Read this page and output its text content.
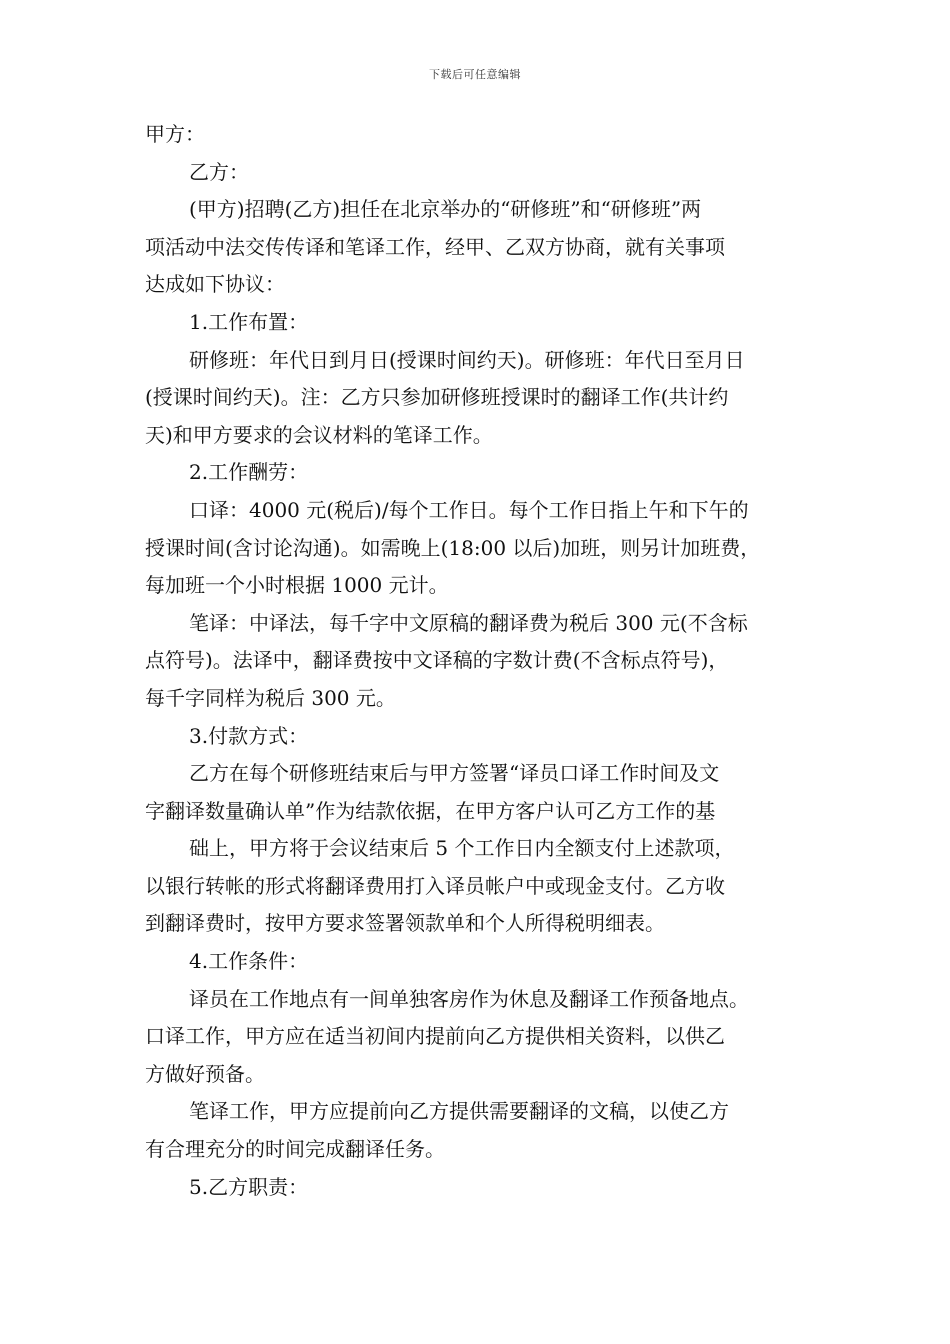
下载后可任意编辑
甲方：
乙方：
(甲方)招聘(乙方)担任在北京举办的“研修班”和“研修班”两
项活动中法交传传译和笔译工作，经甲、乙双方协商，就有关事项
达成如下协议：
1.工作布置：
研修班：年代日到月日(授课时间约天)。研修班：年代日至月日
(授课时间约天)。注：乙方只参加研修班授课时的翻译工作(共计约
天)和甲方要求的会议材料的笔译工作。
2.工作酬劳：
口译：4000 元(税后)/每个工作日。每个工作日指上午和下午的
授课时间(含讨论沟通)。如需晚上(18:00 以后)加班，则另计加班费，
每加班一个小时根据 1000 元计。
笔译：中译法，每千字中文原稿的翻译费为税后 300 元(不含标
点符号)。法译中，翻译费按中文译稿的字数计费(不含标点符号)，
每千字同样为税后 300 元。
3.付款方式：
乙方在每个研修班结束后与甲方签署“译员口译工作时间及文
字翻译数量确认单”作为结款依据，在甲方客户认可乙方工作的基
础上，甲方将于会议结束后 5 个工作日内全额支付上述款项，
以银行转帐的形式将翻译费用打入译员帐户中或现金支付。乙方收
到翻译费时，按甲方要求签署领款单和个人所得税明细表。
4.工作条件：
译员在工作地点有一间单独客房作为休息及翻译工作预备地点。
口译工作，甲方应在适当初间内提前向乙方提供相关资料，以供乙
方做好预备。
笔译工作，甲方应提前向乙方提供需要翻译的文稿，以使乙方
有合理充分的时间完成翻译任务。
5.乙方职责：
